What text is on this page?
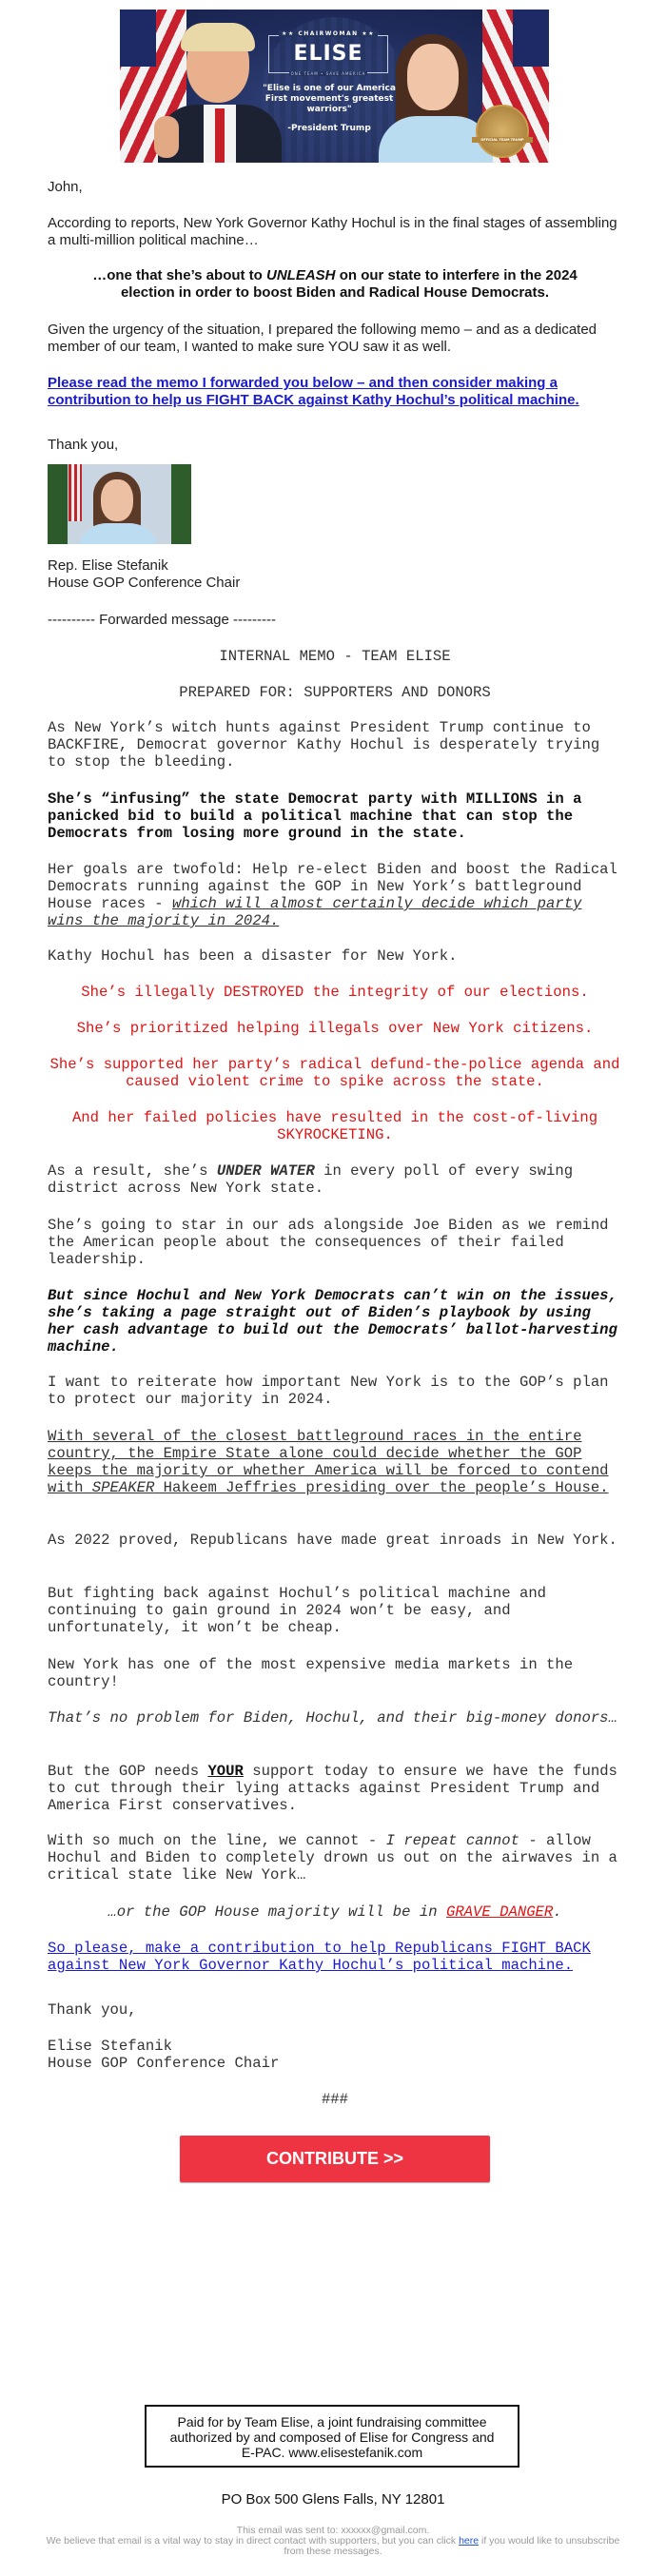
★★ CHAIRWOMAN ★★
ELISE
ONE TEAM • SAVE AMERICA
"Elise is one of our America First movement's greatest warriors"
-President Trump
OFFICIAL TEAM TRUMP

John,

According to reports, New York Governor Kathy Hochul is in the final stages of assembling a multi-million political machine…

…one that she’s about to UNLEASH on our state to interfere in the 2024 election in order to boost Biden and Radical House Democrats.

Given the urgency of the situation, I prepared the following memo – and as a dedicated member of our team, I wanted to make sure YOU saw it as well.

Please read the memo I forwarded you below – and then consider making a contribution to help us FIGHT BACK against Kathy Hochul’s political machine.

Thank you,

Rep. Elise Stefanik
House GOP Conference Chair

---------- Forwarded message ---------

INTERNAL MEMO - TEAM ELISE

PREPARED FOR: SUPPORTERS AND DONORS

As New York’s witch hunts against President Trump continue to BACKFIRE, Democrat governor Kathy Hochul is desperately trying to stop the bleeding.

She’s “infusing” the state Democrat party with MILLIONS in a panicked bid to build a political machine that can stop the Democrats from losing more ground in the state.

Her goals are twofold: Help re-elect Biden and boost the Radical Democrats running against the GOP in New York’s battleground House races - which will almost certainly decide which party wins the majority in 2024.

Kathy Hochul has been a disaster for New York.

She’s illegally DESTROYED the integrity of our elections.

She’s prioritized helping illegals over New York citizens.

She’s supported her party’s radical defund-the-police agenda and caused violent crime to spike across the state.

And her failed policies have resulted in the cost-of-living SKYROCKETING.

As a result, she’s UNDER WATER in every poll of every swing district across New York state.

She’s going to star in our ads alongside Joe Biden as we remind the American people about the consequences of their failed leadership.

But since Hochul and New York Democrats can’t win on the issues, she’s taking a page straight out of Biden’s playbook by using her cash advantage to build out the Democrats’ ballot-harvesting machine.

I want to reiterate how important New York is to the GOP’s plan to protect our majority in 2024.

With several of the closest battleground races in the entire country, the Empire State alone could decide whether the GOP keeps the majority or whether America will be forced to contend with SPEAKER Hakeem Jeffries presiding over the people’s House.

As 2022 proved, Republicans have made great inroads in New York.

But fighting back against Hochul’s political machine and continuing to gain ground in 2024 won’t be easy, and unfortunately, it won’t be cheap.

New York has one of the most expensive media markets in the country!

That’s no problem for Biden, Hochul, and their big-money donors…

But the GOP needs YOUR support today to ensure we have the funds to cut through their lying attacks against President Trump and America First conservatives.

With so much on the line, we cannot - I repeat cannot - allow Hochul and Biden to completely drown us out on the airwaves in a critical state like New York…

…or the GOP House majority will be in GRAVE DANGER.

So please, make a contribution to help Republicans FIGHT BACK against New York Governor Kathy Hochul’s political machine.

Thank you,

Elise Stefanik
House GOP Conference Chair

###

CONTRIBUTE >>
Paid for by Team Elise, a joint fundraising committee authorized by and composed of Elise for Congress and E-PAC. www.elisestefanik.com

PO Box 500 Glens Falls, NY 12801

This email was sent to: xxxxxx@gmail.com.
We believe that email is a vital way to stay in direct contact with supporters, but you can click here if you would like to unsubscribe from these messages.
